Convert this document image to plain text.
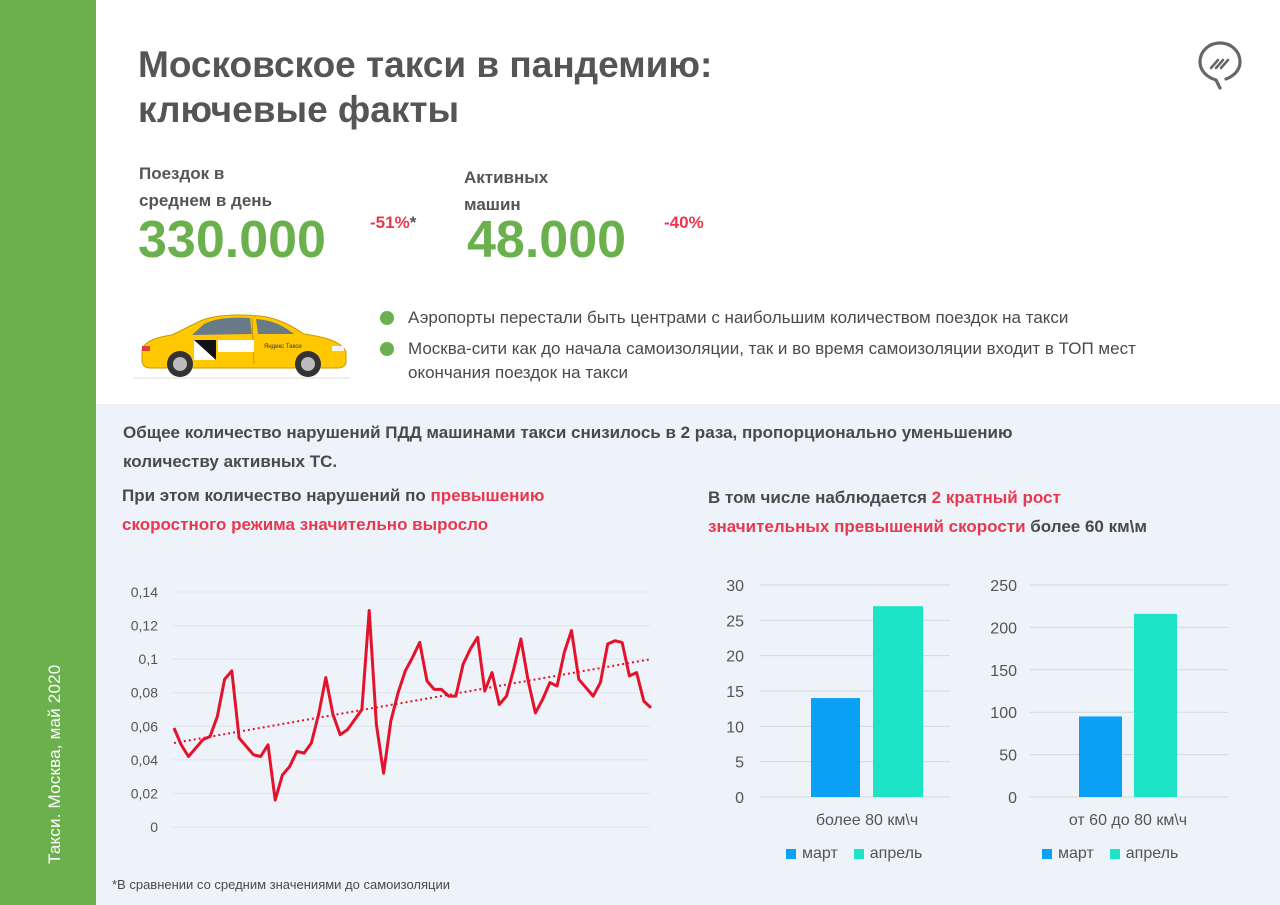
Такси. Москва, май 2020
Московское такси в пандемию:
ключевые факты
Поездок в
среднем в день
330.000	-51%*
Активных
машин
48.000 -40%
Яндекс Такси
Аэропорты перестали быть центрами с наибольшим количеством поездок на такси
Москва-сити как до начала самоизоляции, так и во время самоизоляции входит в ТОП мест
окончания поездок на такси
Общее количество нарушений ПДД машинами такси снизилось в 2 раза, пропорционально уменьшению
количеству активных ТС.
При этом количество нарушений по превышению
скоростного режима значительно выросло
В том числе наблюдается 2 кратный рост
значительных превышений скорости более 60 км\м
0
0,02
0,04
0,06
0,08
0,1
0,12
0,14
0
5
10
15
20
25
30
более 80 км\ч
март апрель
0
50
100
150
200
250
от 60 до 80 км\ч
март апрель
*В сравнении со средним значениями до самоизоляции
